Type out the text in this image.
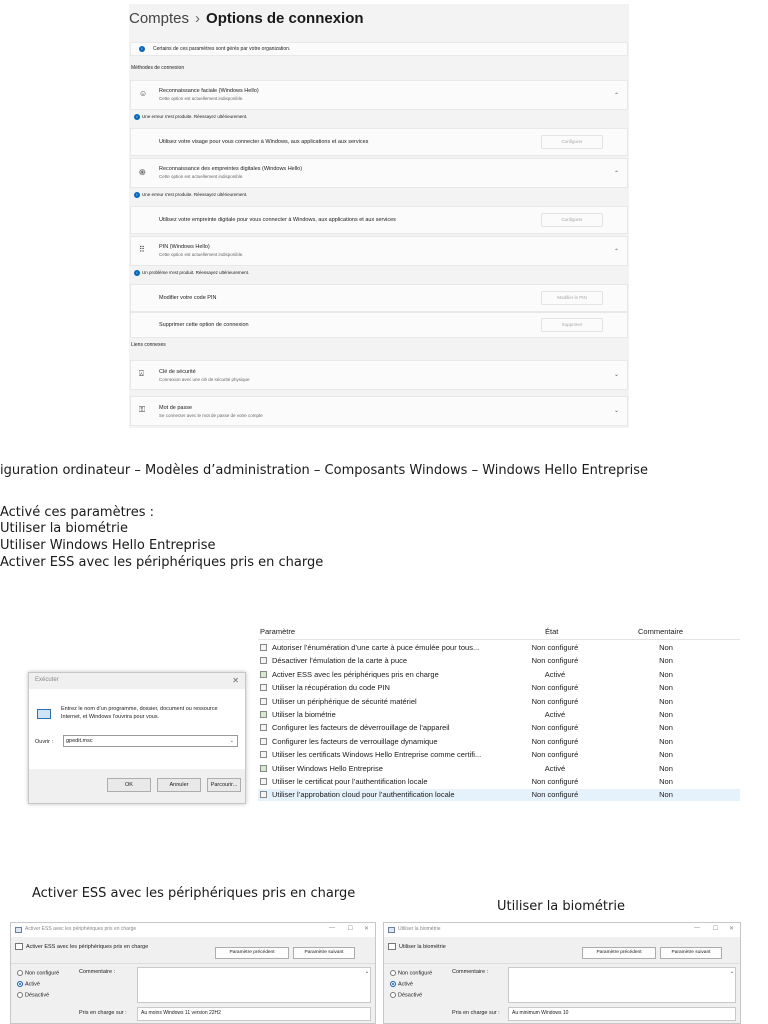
Comptes › Options de connexion
i	Certains de ces paramètres sont gérés par votre organization.
Méthodes de connexion
☺ Reconnaissance faciale (Windows Hello)
Cette option est actuellement indisponible.	⌃
i Une erreur s'est produite. Réessayez ultérieurement.
Utilisez votre visage pour vous connecter à Windows, aux applications et aux services	Configurer
֍ Reconnaissance des empreintes digitales (Windows Hello)
Cette option est actuellement indisponible.	⌃
i Une erreur s'est produite. Réessayez ultérieurement.
Utilisez votre empreinte digitale pour vous connecter à Windows, aux applications et aux services	Configurer
⠿	PIN (Windows Hello)
Cette option est actuellement indisponible.	⌃
i Un problème s'est produit. Réessayez ultérieurement.
Modifier votre code PIN	Modifier le PIN
Supprimer cette option de connexion	Supprimer
Liens connexes
⍓	Clé de sécurité
Connexion avec une clé de sécurité physique
⌄
⚿	Mot de passe
Se connecter avec le mot de passe de votre compte
⌄
iguration ordinateur – Modèles d’administration – Composants Windows – Windows Hello Entreprise
Activé ces paramètres :
Utiliser la biométrie
Utiliser Windows Hello Entreprise
Activer ESS avec les périphériques pris en charge
Exécuter	✕
Entrez le nom d’un programme, dossier, document ou ressource Internet, et Windows l’ouvrira pour vous.
Ouvrir :	gpedit.msc	⌄
OK	Annuler	Parcourir...
Paramètre	État	Commentaire
Autoriser l’énumération d’une carte à puce émulée pour tous...	Non configuré	Non
Désactiver l’émulation de la carte à puce	Non configuré	Non
Activer ESS avec les périphériques pris en charge	Activé	Non
Utiliser la récupération du code PIN	Non configuré	Non
Utiliser un périphérique de sécurité matériel	Non configuré	Non
Utiliser la biométrie	Activé	Non
Configurer les facteurs de déverrouillage de l’appareil	Non configuré	Non
Configurer les facteurs de verrouillage dynamique	Non configuré	Non
Utiliser les certificats Windows Hello Entreprise comme certifi...	Non configuré	Non
Utiliser Windows Hello Entreprise	Activé	Non
Utiliser le certificat pour l’authentification locale	Non configuré	Non
Utiliser l’approbation cloud pour l’authentification locale	Non configuré	Non
Activer ESS avec les périphériques pris en charge
Utiliser la biométrie
Activer ESS avec les périphériques pris en charge	— ☐ ✕
Activer ESS avec les périphériques pris en charge
Paramètre précédent	Paramètre suivant
Non configuré
Activé
Désactivé
Commentaire :	▴
Pris en charge sur :	Au moins Windows 11 version 22H2
Utiliser la biométrie	— ☐ ✕
Utiliser la biométrie
Paramètre précédent	Paramètre suivant
Non configuré
Activé
Désactivé
Commentaire :	▴
Pris en charge sur :	Au minimum Windows 10
